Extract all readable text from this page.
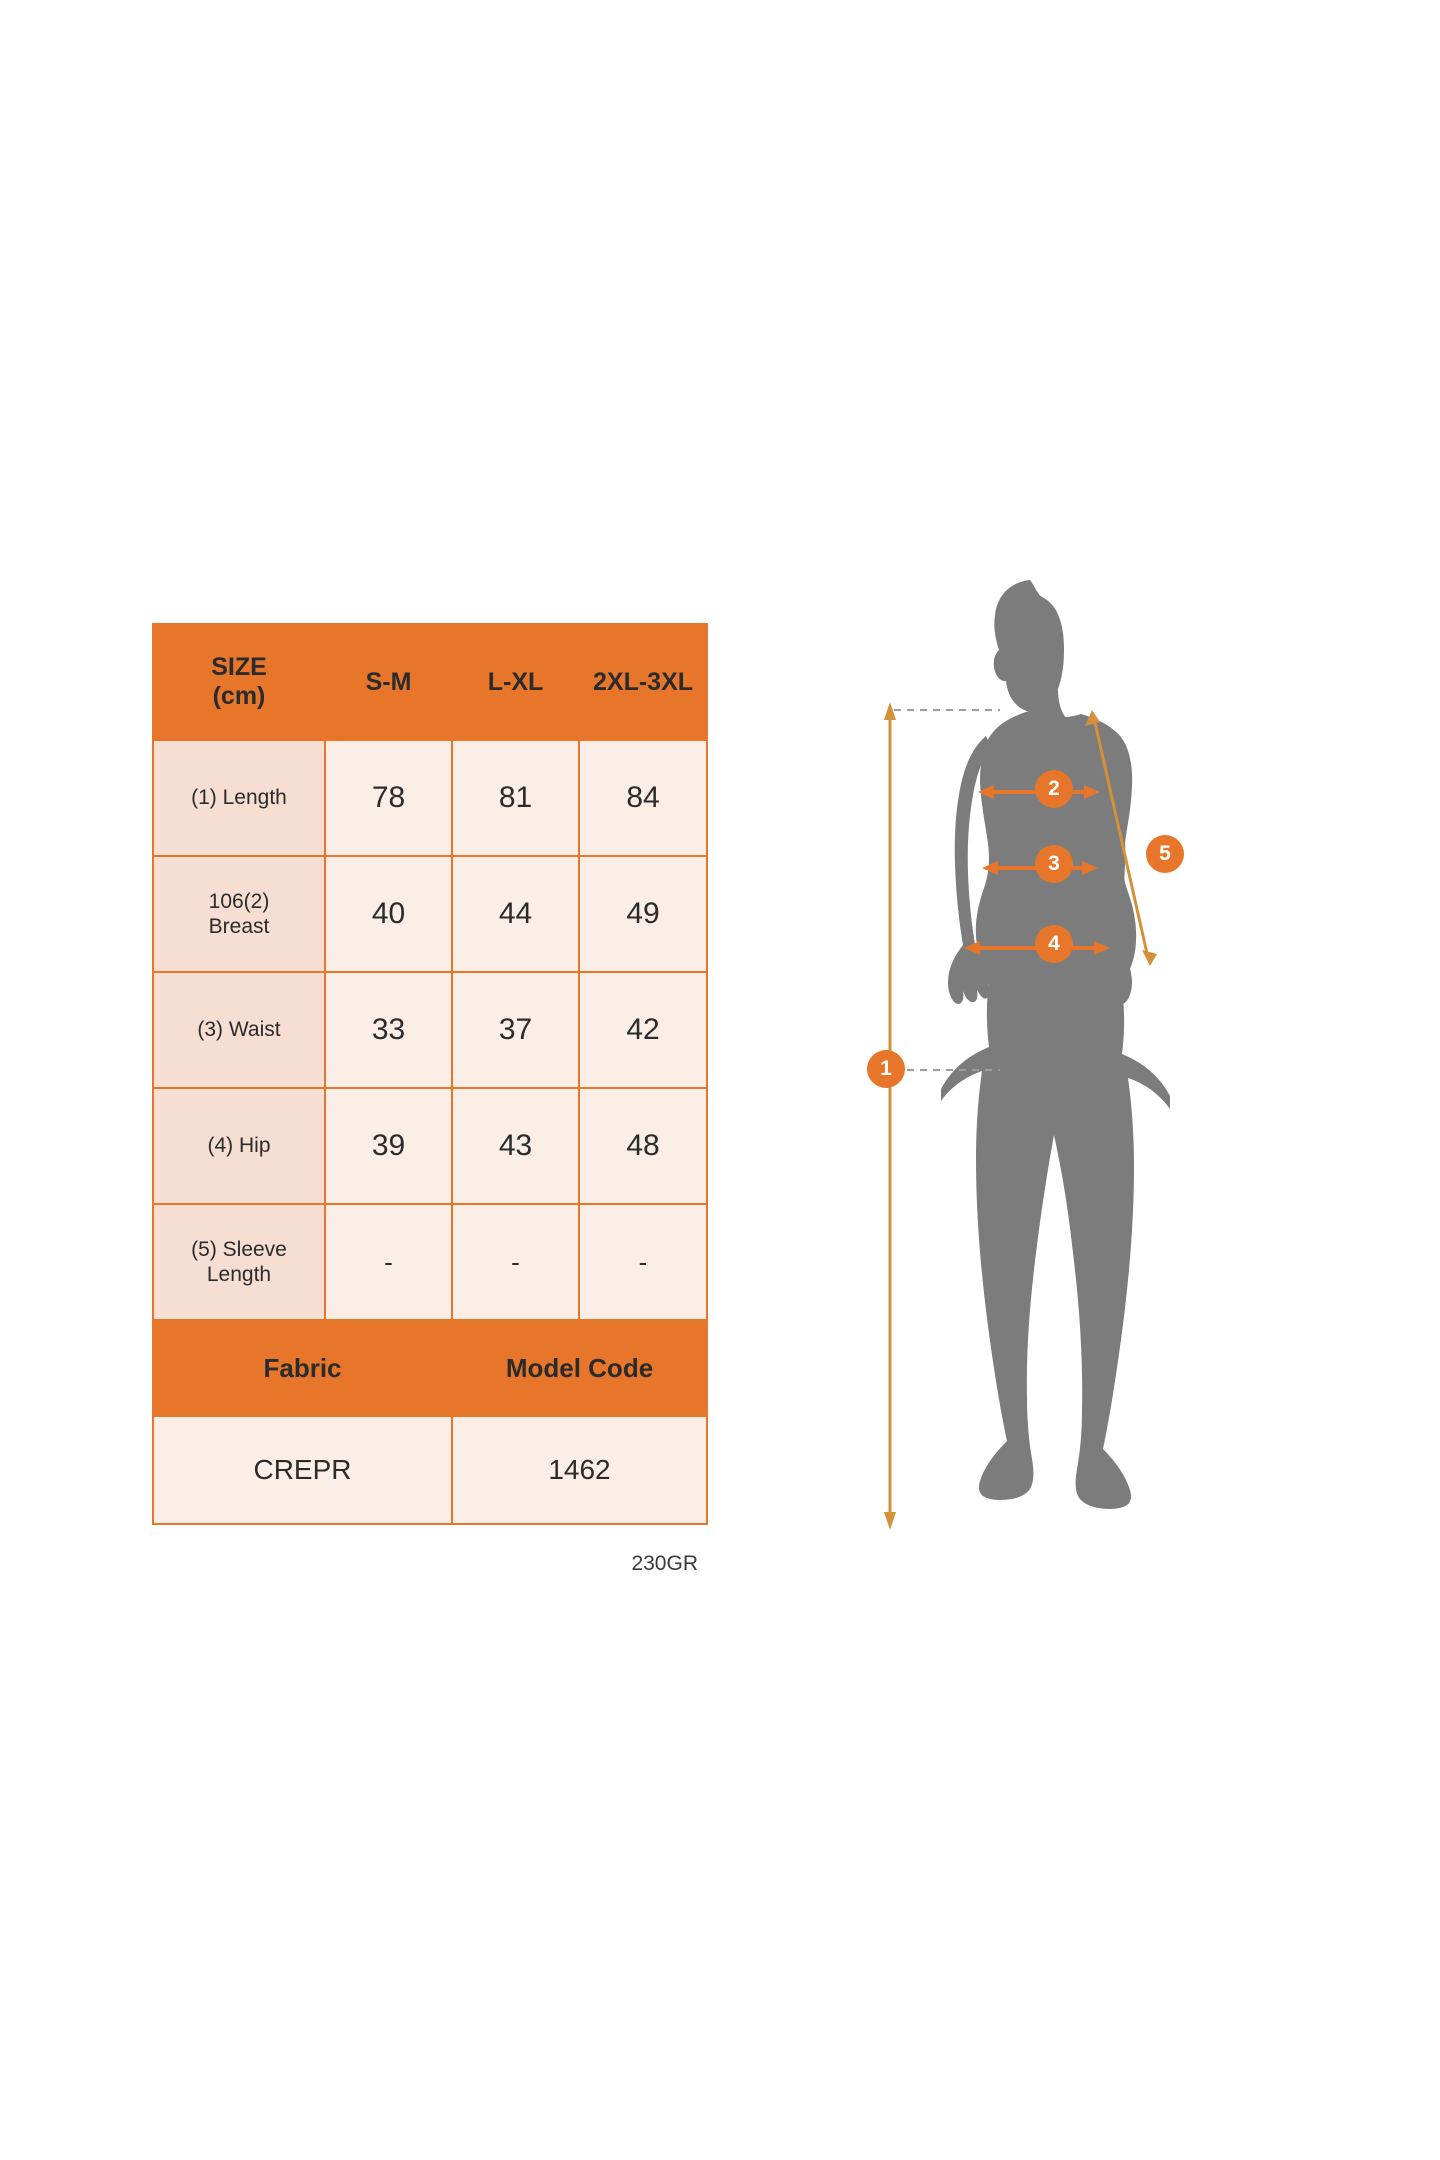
SIZE
(cm)	S-M	L-XL	2XL-3XL
(1) Length	78	81	84

106(2)
Breast	40	44	49
(3) Waist	33	37	42
(4) Hip	39	43	48

(5) Sleeve
Length	-	-	-
Fabric		Model Code	
CREPR		1462	
230GR
1
2
3
4
5
